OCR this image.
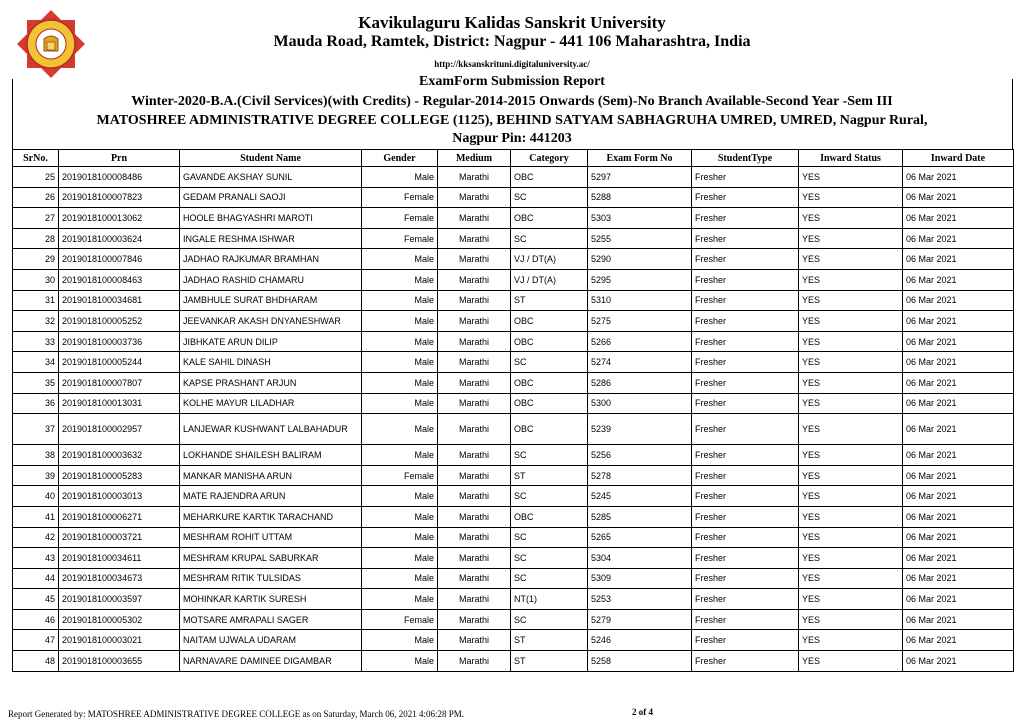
Kavikulaguru Kalidas Sanskrit University
Mauda Road, Ramtek, District: Nagpur - 441 106 Maharashtra, India
http://kksanskrituni.digitaluniversity.ac/
ExamForm Submission Report
Winter-2020-B.A.(Civil Services)(with Credits) - Regular-2014-2015 Onwards (Sem)-No Branch Available-Second Year -Sem III
MATOSHREE ADMINISTRATIVE DEGREE COLLEGE (1125), BEHIND SATYAM SABHAGRUHA UMRED, UMRED, Nagpur Rural,
Nagpur Pin: 441203
SrNo.	Prn	Student Name	Gender	Medium	Category	Exam Form No	StudentType	Inward Status	Inward Date
25	2019018100008486	GAVANDE AKSHAY SUNIL	Male	Marathi	OBC	5297	Fresher	YES	06 Mar 2021
26	2019018100007823	GEDAM PRANALI SAOJI	Female	Marathi	SC	5288	Fresher	YES	06 Mar 2021
27	2019018100013062	HOOLE BHAGYASHRI MAROTI	Female	Marathi	OBC	5303	Fresher	YES	06 Mar 2021
28	2019018100003624	INGALE RESHMA ISHWAR	Female	Marathi	SC	5255	Fresher	YES	06 Mar 2021
29	2019018100007846	JADHAO RAJKUMAR BRAMHAN	Male	Marathi	VJ / DT(A)	5290	Fresher	YES	06 Mar 2021
30	2019018100008463	JADHAO RASHID CHAMARU	Male	Marathi	VJ / DT(A)	5295	Fresher	YES	06 Mar 2021
31	2019018100034681	JAMBHULE SURAT BHDHARAM	Male	Marathi	ST	5310	Fresher	YES	06 Mar 2021
32	2019018100005252	JEEVANKAR AKASH DNYANESHWAR	Male	Marathi	OBC	5275	Fresher	YES	06 Mar 2021
33	2019018100003736	JIBHKATE ARUN DILIP	Male	Marathi	OBC	5266	Fresher	YES	06 Mar 2021
34	2019018100005244	KALE SAHIL DINASH	Male	Marathi	SC	5274	Fresher	YES	06 Mar 2021
35	2019018100007807	KAPSE PRASHANT ARJUN	Male	Marathi	OBC	5286	Fresher	YES	06 Mar 2021
36	2019018100013031	KOLHE MAYUR LILADHAR	Male	Marathi	OBC	5300	Fresher	YES	06 Mar 2021
37	2019018100002957	LANJEWAR KUSHWANT LALBAHADUR	Male	Marathi	OBC	5239	Fresher	YES	06 Mar 2021
38	2019018100003632	LOKHANDE SHAILESH BALIRAM	Male	Marathi	SC	5256	Fresher	YES	06 Mar 2021
39	2019018100005283	MANKAR MANISHA ARUN	Female	Marathi	ST	5278	Fresher	YES	06 Mar 2021
40	2019018100003013	MATE RAJENDRA ARUN	Male	Marathi	SC	5245	Fresher	YES	06 Mar 2021
41	2019018100006271	MEHARKURE KARTIK TARACHAND	Male	Marathi	OBC	5285	Fresher	YES	06 Mar 2021
42	2019018100003721	MESHRAM ROHIT UTTAM	Male	Marathi	SC	5265	Fresher	YES	06 Mar 2021
43	2019018100034611	MESHRAM KRUPAL SABURKAR	Male	Marathi	SC	5304	Fresher	YES	06 Mar 2021
44	2019018100034673	MESHRAM RITIK TULSIDAS	Male	Marathi	SC	5309	Fresher	YES	06 Mar 2021
45	2019018100003597	MOHINKAR KARTIK SURESH	Male	Marathi	NT(1)	5253	Fresher	YES	06 Mar 2021
46	2019018100005302	MOTSARE AMRAPALI SAGER	Female	Marathi	SC	5279	Fresher	YES	06 Mar 2021
47	2019018100003021	NAITAM UJWALA UDARAM	Male	Marathi	ST	5246	Fresher	YES	06 Mar 2021
48	2019018100003655	NARNAVARE DAMINEE DIGAMBAR	Male	Marathi	ST	5258	Fresher	YES	06 Mar 2021
Report Generated by: MATOSHREE ADMINISTRATIVE DEGREE COLLEGE as on Saturday, March 06, 2021 4:06:28 PM.	2 of 4
